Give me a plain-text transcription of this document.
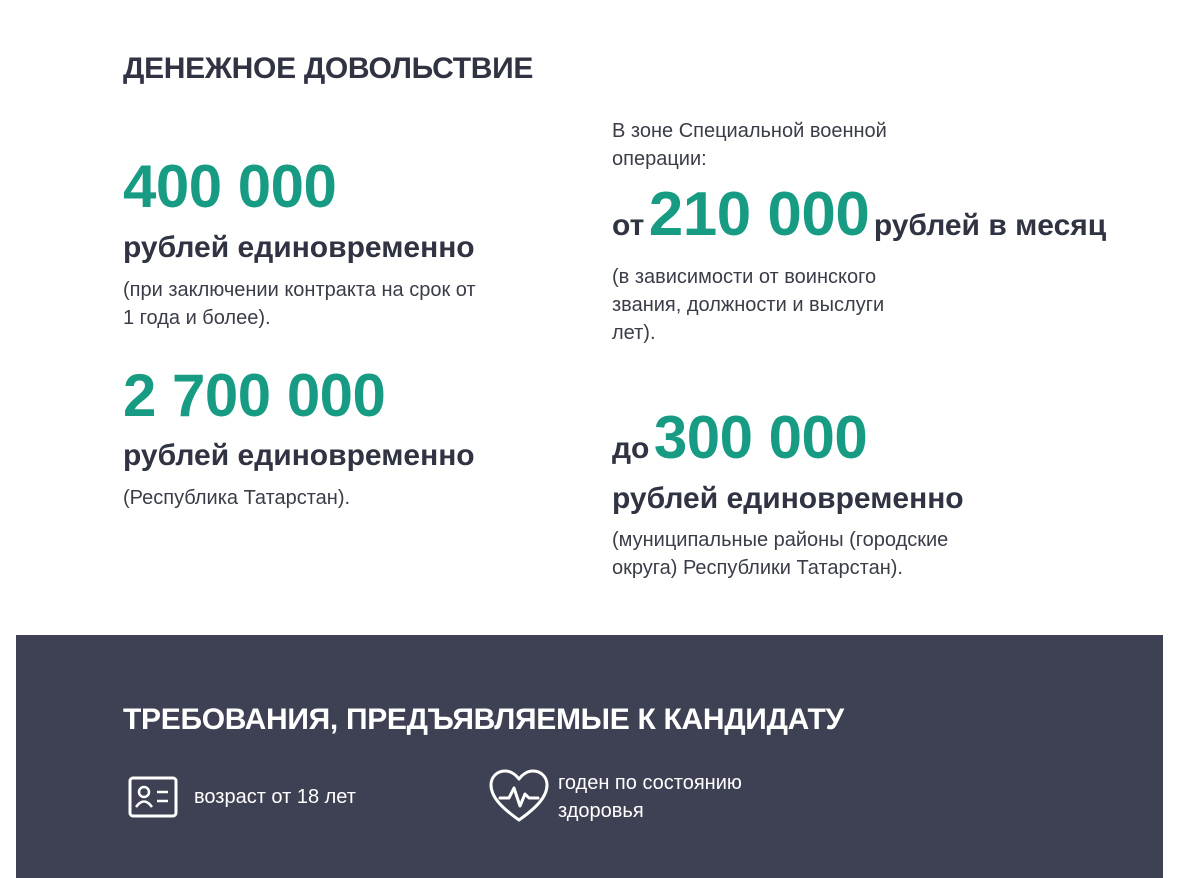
ДЕНЕЖНОЕ ДОВОЛЬСТВИЕ
400 000
рублей единовременно
(при заключении контракта на срок от
1 года и более).
2 700 000
рублей единовременно
(Республика Татарстан).
В зоне Специальной военной
операции:
от 210 000 рублей в месяц
(в зависимости от воинского
звания, должности и выслуги
лет).
до 300 000
рублей единовременно
(муниципальные районы (городские
округа) Республики Татарстан).
ТРЕБОВАНИЯ, ПРЕДЪЯВЛЯЕМЫЕ К КАНДИДАТУ
возраст от 18 лет
годен по состоянию
здоровья
